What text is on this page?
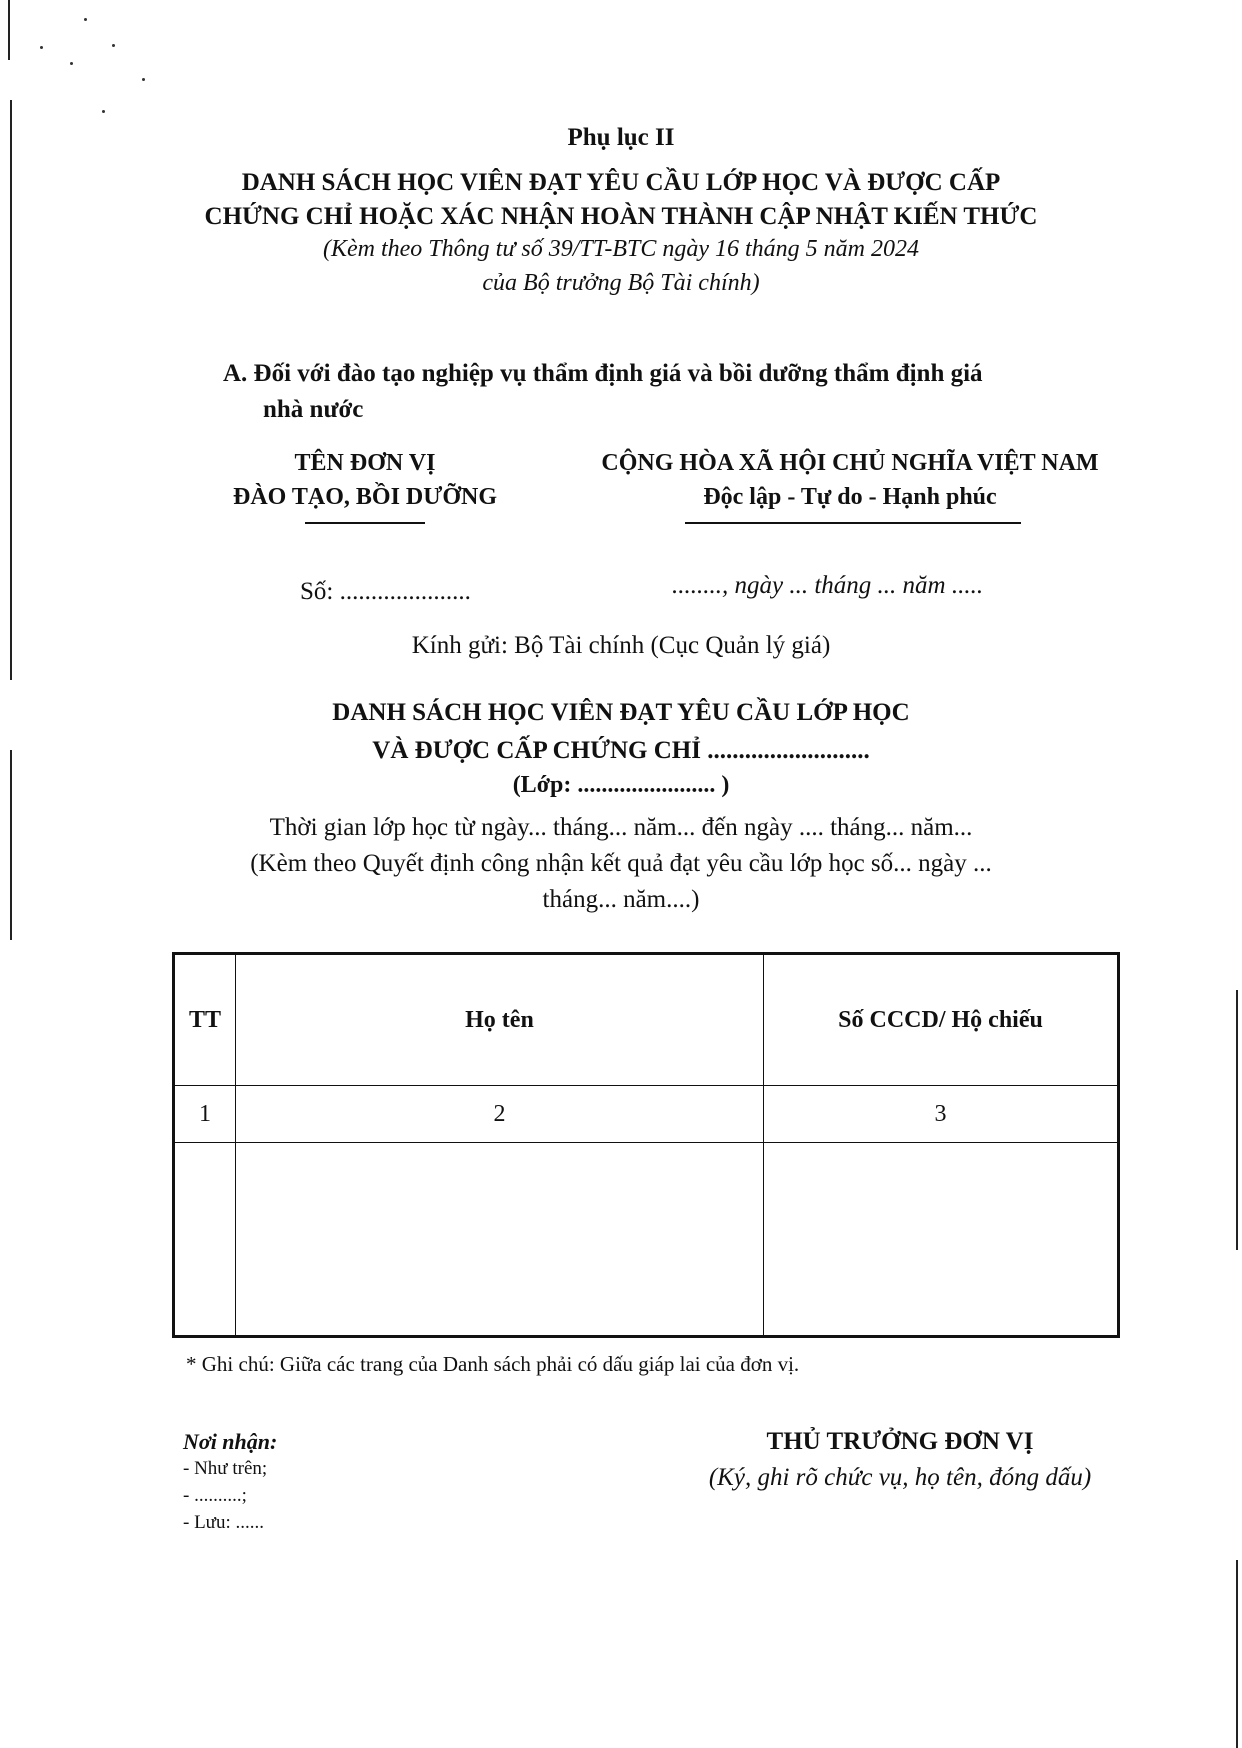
Phụ lục II
DANH SÁCH HỌC VIÊN ĐẠT YÊU CẦU LỚP HỌC VÀ ĐƯỢC CẤP
CHỨNG CHỈ HOẶC XÁC NHẬN HOÀN THÀNH CẬP NHẬT KIẾN THỨC
(Kèm theo Thông tư số 39/TT-BTC ngày 16 tháng 5 năm 2024
của Bộ trưởng Bộ Tài chính)
A. Đối với đào tạo nghiệp vụ thẩm định giá và bồi dưỡng thẩm định giá
nhà nước
TÊN ĐƠN VỊ
ĐÀO TẠO, BỒI DƯỠNG
CỘNG HÒA XÃ HỘI CHỦ NGHĨA VIỆT NAM
Độc lập - Tự do - Hạnh phúc
Số: .....................	........, ngày ... tháng ... năm .....
Kính gửi: Bộ Tài chính (Cục Quản lý giá)
DANH SÁCH HỌC VIÊN ĐẠT YÊU CẦU LỚP HỌC
VÀ ĐƯỢC CẤP CHỨNG CHỈ ..........................
(Lớp: ....................... )
Thời gian lớp học từ ngày... tháng... năm... đến ngày .... tháng... năm...
(Kèm theo Quyết định công nhận kết quả đạt yêu cầu lớp học số... ngày ...
tháng... năm....)
TT	Họ tên	Số CCCD/ Hộ chiếu
1	2	3

* Ghi chú: Giữa các trang của Danh sách phải có dấu giáp lai của đơn vị.
Nơi nhận:
- Như trên;
- ..........;
- Lưu: ......
THỦ TRƯỞNG ĐƠN VỊ
(Ký, ghi rõ chức vụ, họ tên, đóng dấu)
